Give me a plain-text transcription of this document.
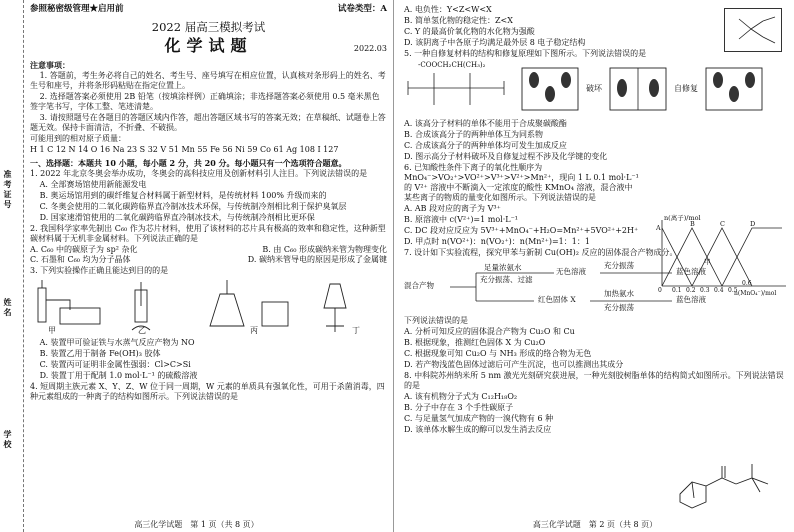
准考证号
姓名
学校
参照秘密级管理★启用前	试卷类型：A
2022 届高三模拟考试
化学试题	2022.03
注意事项：

1. 答题前，考生务必将自己的姓名、考生号、座号填写在相应位置，认真核对条形码上的姓名、考生号和座号，并将条形码粘贴在指定位置上。

2. 选择题答案必须使用 2B 铅笔（按填涂样例）正确填涂；非选择题答案必须使用 0.5 毫米黑色签字笔书写，字体工整、笔迹清楚。

3. 请按照题号在各题目的答题区域内作答，超出答题区域书写的答案无效；在草稿纸、试题卷上答题无效。保持卡面清洁，不折叠、不破损。

可能用到的相对原子质量：

H 1 C 12 N 14 O 16 Na 23 S 32 V 51 Mn 55 Fe 56 Ni 59 Co 61 Ag 108 I 127

一、选择题：本题共 10 小题，每小题 2 分，共 20 分。每小题只有一个选项符合题意。

1. 2022 年北京冬奥会举办成功，冬奥会的高科技应用及创新材料引人注目。下列说法错误的是

A. 全部赛场馆使用新能源发电

B. 奥运场馆用到的碳纤维复合材料属于新型材料，是传统材料 100% 升级而来的

C. 冬奥会使用的二氧化碳跨临界直冷制冰技术环保，与传统制冷剂相比利于保护臭氧层

D. 国家速滑馆使用的二氧化碳跨临界直冷制冰技术，与传统制冷剂相比更环保

2. 我国科学家率先制出 C₆₀ 作为芯片材料，使用了该材料的芯片具有极高的效率和稳定性，这种新型碳材料属于无机非金属材料。下列说法正确的是

A. C₆₀ 中的碳原子为 sp² 杂化	B. 由 C₆₀ 形成碳纳米管为物理变化
C. 石墨和 C₆₀ 均为分子晶体	D. 碳纳米管导电的原因是形成了金属键

3. 下列实验操作正确且能达到目的的是

甲	乙	丙	丁

A. 装置甲可验证铁与水蒸气反应产物为 NO

B. 装置乙用于制备 Fe(OH)₃ 胶体

C. 装置丙可证明非金属性强弱：Cl>C>Si

D. 装置丁用于配制 1.0 mol·L⁻¹ 的硫酸溶液

4. 短周期主族元素 X、Y、Z、W 位于同一周期，W 元素的单质具有强氧化性，可用于杀菌消毒，四种元素组成的一种离子的结构如图所示。下列说法错误的是

高三化学试题　第 1 页（共 8 页）

A. 电负性：Y<Z<W<X

B. 简单氢化物的稳定性：Z<X

C. Y 的最高价氧化物的水化物为强酸

D. 该阴离子中各原子均满足最外层 8 电子稳定结构

5. 一种自修复材料的结构和修复原理如下图所示。下列说法错误的是

-COOCH₂CH(CH₃)₂
破坏	自修复

A. 该高分子材料的单体不能用于合成聚碳酸酯

B. 合成该高分子的两种单体互为同系物

C. 合成该高分子的两种单体均可发生加成反应

D. 图示高分子材料破坏及自修复过程不涉及化学键的变化

6. 已知酸性条件下离子的氧化性顺序为 MnO₄⁻>VO₂⁺>VO²⁺>V³⁺>V²⁺>Mn²⁺，现向 1 L 0.1 mol·L⁻¹ 的 V²⁺ 溶液中不断滴入一定浓度的酸性 KMnO₄ 溶液，混合液中某些离子的物质的量变化如图所示。下列说法错误的是

A. AB 段对应的离子为 V³⁺

B. 原溶液中 c(V²⁺)=1 mol·L⁻¹

C. DC 段对应反应为 5V³⁺+MnO₄⁻+H₂O=Mn²⁺+5VO²⁺+2H⁺

D. 甲点时 n(VO²⁺)：n(VO₂⁺)：n(Mn²⁺)=1：1：1

7. 设计如下实验流程，探究甲苯与新制 Cu(OH)₂ 反应的固体混合产物成分。

混合产物
足量浓氨水
充分振荡、过滤
无色溶液
充分振荡
蓝色溶液
红色固体 X
加热氨水
充分振荡
蓝色溶液

下列说法错误的是

A. 分析可知反应的固体混合产物为 Cu₂O 和 Cu

B. 根据现象，推测红色固体 X 为 Cu₂O

C. 根据现象可知 Cu₂O 与 NH₃ 形成的络合物为无色

D. 若产物浅蓝色固体过滤后可产生沉淀，也可以推测出其成分

8. 中科院苏州纳米所 5 nm 激光光刻研究获进展，一种光刻胶树脂单体的结构简式如图所示。下列说法错误的是

A. 该有机物分子式为 C₁₂H₁₈O₂

B. 分子中存在 3 个手性碳原子

C. 与足量氢气加成产物的一溴代物有 6 种

D. 该单体水解生成的醇可以发生消去反应

n(离子)/mol
n(MnO₄⁻)/mol
0 0.1 0.2 0.3 0.4 0.5
0.6
A	B	C	D
甲
高三化学试题　第 2 页（共 8 页）
